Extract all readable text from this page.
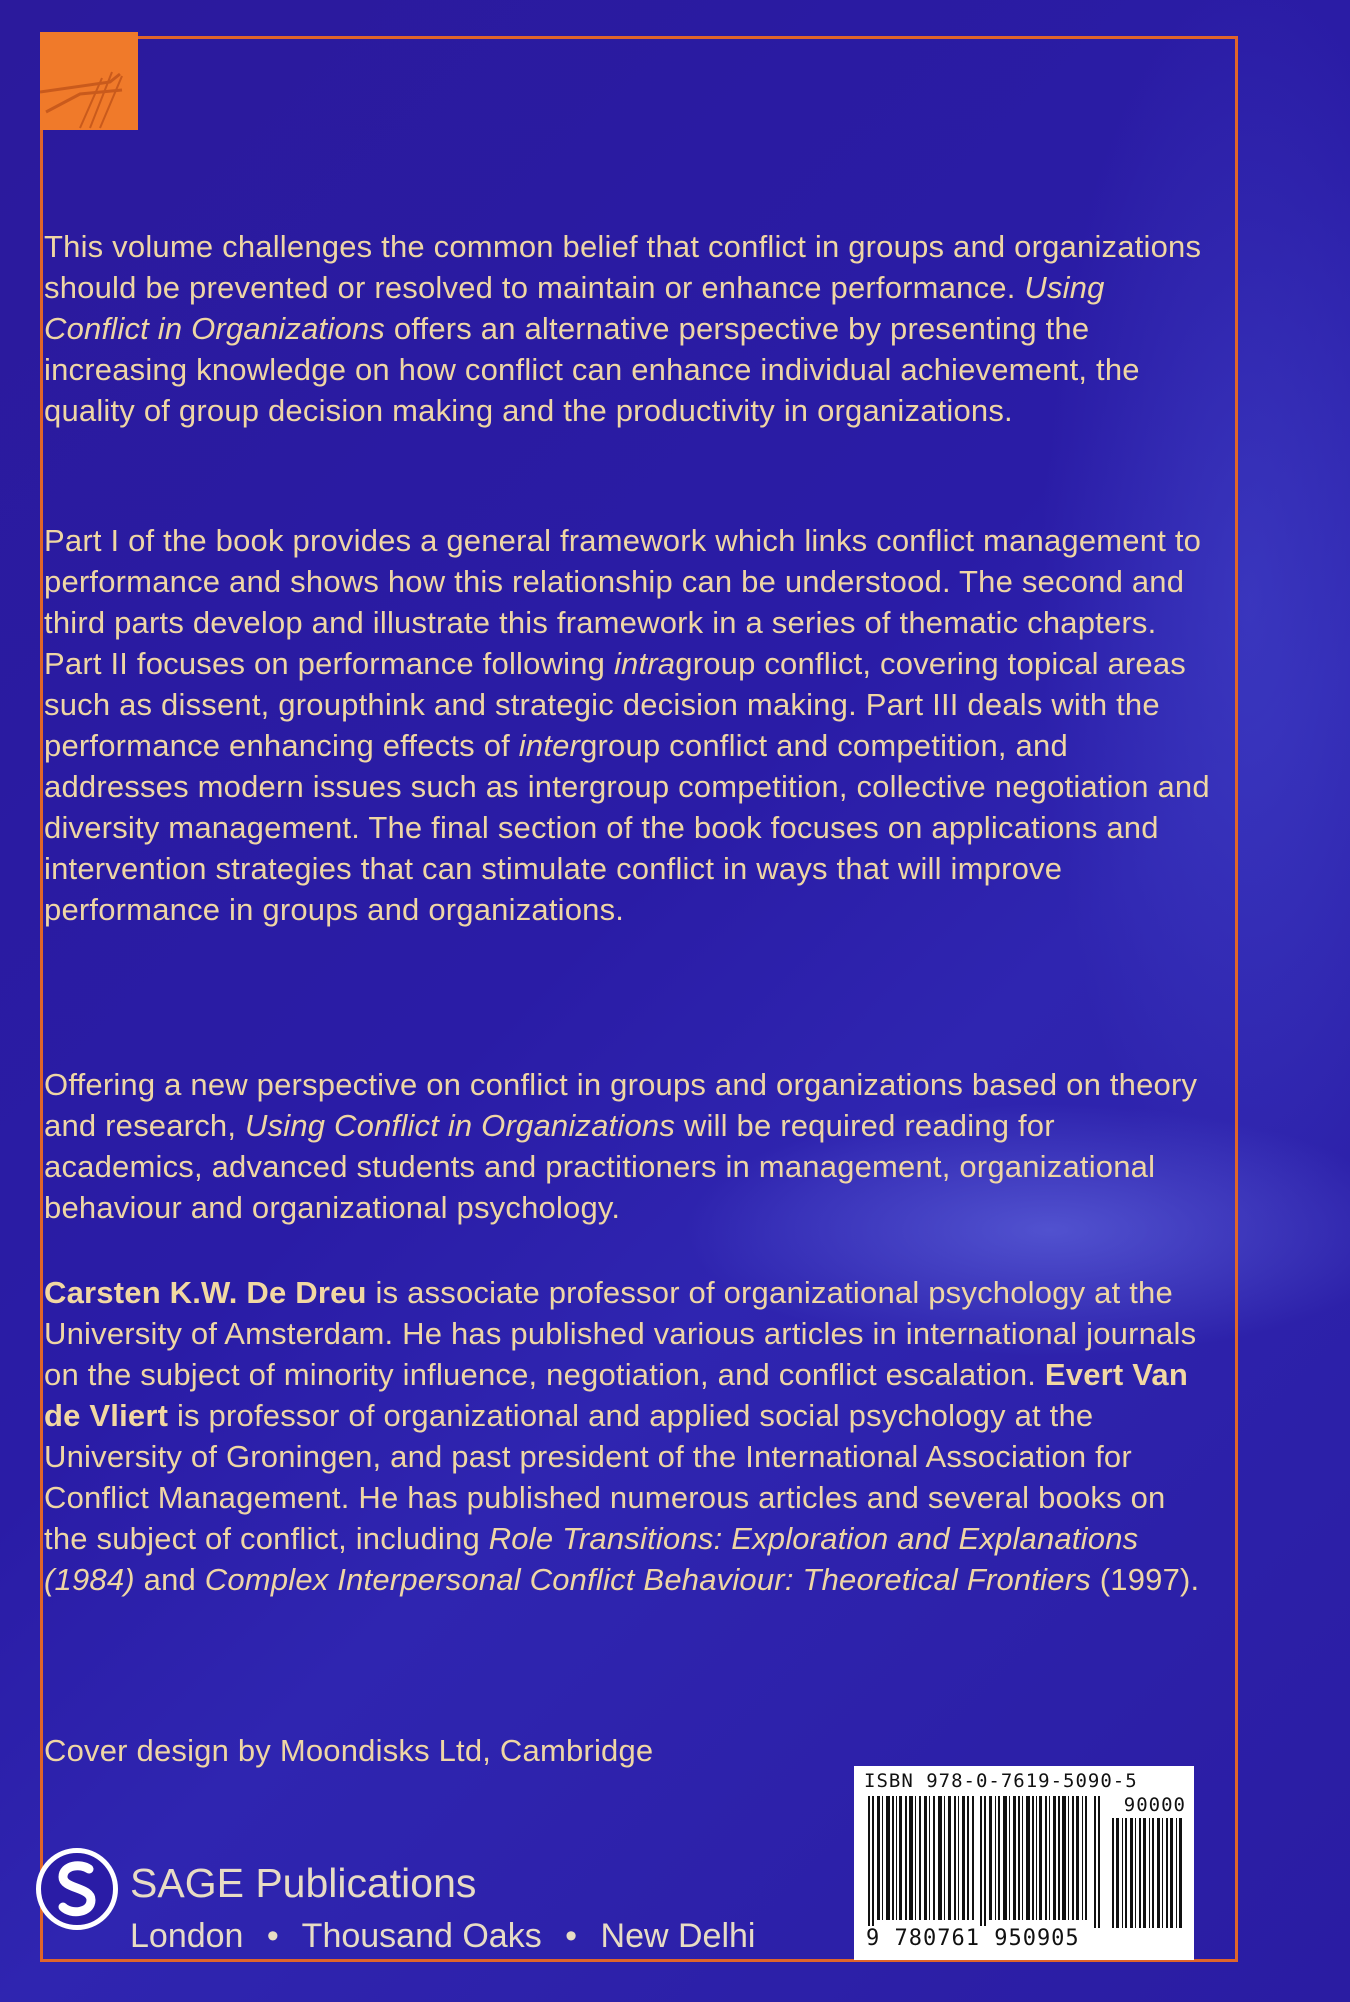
This volume challenges the common belief that conflict in groups and organizations should be prevented or resolved to maintain or enhance performance. Using Conflict in Organizations offers an alternative perspective by presenting the increasing knowledge on how conflict can enhance individual achievement, the quality of group decision making and the productivity in organizations.

Part I of the book provides a general framework which links conflict management to performance and shows how this relationship can be understood. The second and third parts develop and illustrate this framework in a series of thematic chapters. Part II focuses on performance following intragroup conflict, covering topical areas such as dissent, groupthink and strategic decision making. Part III deals with the performance enhancing effects of intergroup conflict and competition, and addresses modern issues such as intergroup competition, collective negotiation and diversity management. The final section of the book focuses on applications and intervention strategies that can stimulate conflict in ways that will improve performance in groups and organizations.

Offering a new perspective on conflict in groups and organizations based on theory and research, Using Conflict in Organizations will be required reading for academics, advanced students and practitioners in management, organizational behaviour and organizational psychology.

Carsten K.W. De Dreu is associate professor of organizational psychology at the University of Amsterdam. He has published various articles in international journals on the subject of minority influence, negotiation, and conflict escalation. Evert Van de Vliert is professor of organizational and applied social psychology at the University of Groningen, and past president of the International Association for Conflict Management. He has published numerous articles and several books on the subject of conflict, including Role Transitions: Exploration and Explanations (1984) and Complex Interpersonal Conflict Behaviour: Theoretical Frontiers (1997).

Cover design by Moondisks Ltd, Cambridge

ISBN 978-0-7619-5090-5
90000
9 780761 950905
SAGE Publications
London • Thousand Oaks • New Delhi
